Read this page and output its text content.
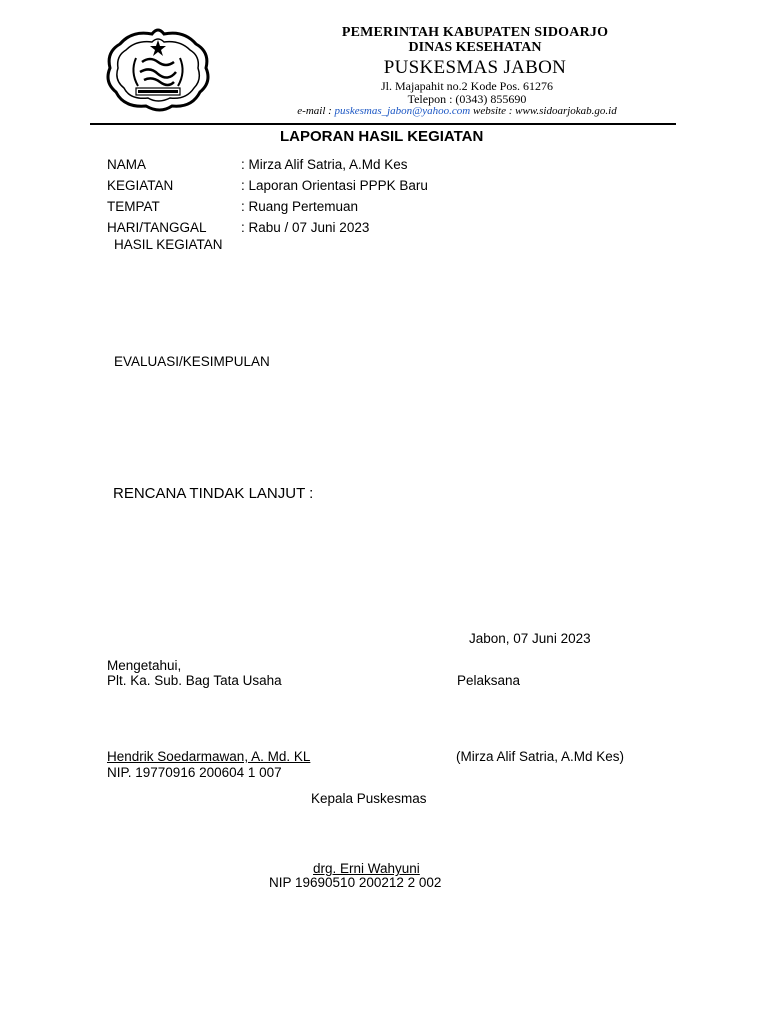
PEMERINTAH KABUPATEN SIDOARJO
DINAS KESEHATAN
PUSKESMAS JABON
Jl. Majapahit no.2 Kode Pos. 61276
Telepon : (0343) 855690
e-mail : puskesmas_jabon@yahoo.com website : www.sidoarjokab.go.id
LAPORAN HASIL KEGIATAN
NAMA	: Mirza Alif Satria, A.Md Kes
KEGIATAN	: Laporan Orientasi PPPK Baru
TEMPAT	: Ruang Pertemuan
HARI/TANGGAL	: Rabu / 07 Juni 2023
HASIL KEGIATAN
EVALUASI/KESIMPULAN
RENCANA TINDAK LANJUT :
Jabon, 07 Juni 2023
Mengetahui,
Plt. Ka. Sub. Bag Tata Usaha	Pelaksana
Hendrik Soedarmawan, A. Md. KL	(Mirza Alif Satria, A.Md Kes)
NIP. 19770916 200604 1 007
Kepala Puskesmas
drg. Erni Wahyuni
NIP 19690510 200212 2 002
